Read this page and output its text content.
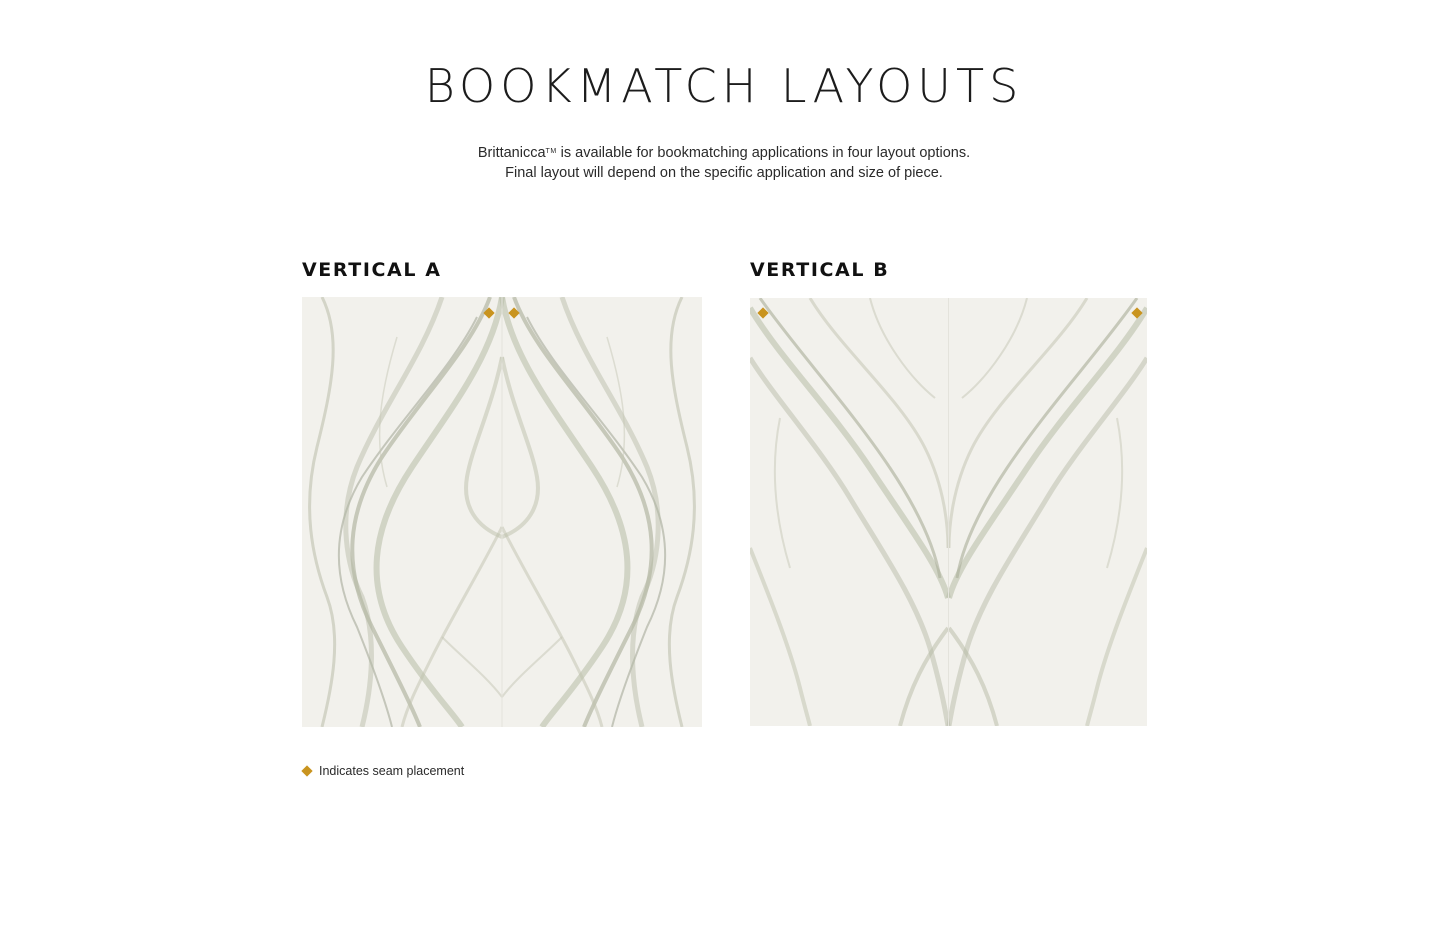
BOOKMATCH LAYOUTS

Brittanicca™ is available for bookmatching applications in four layout options.
Final layout will depend on the specific application and size of piece.

VERTICAL A	VERTICAL B
Indicates seam placement
